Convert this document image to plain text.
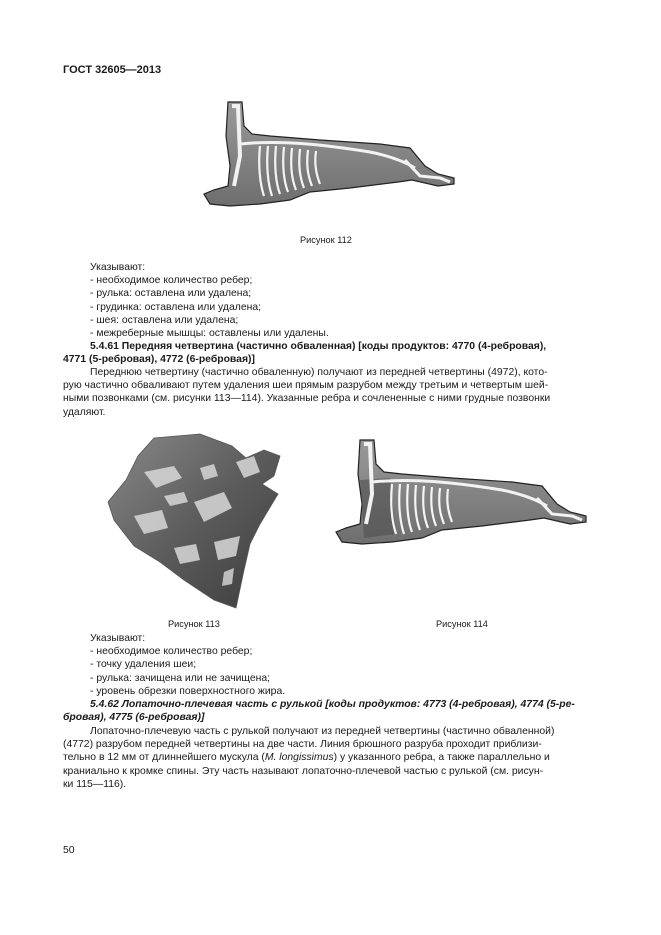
ГОСТ 32605—2013
Рисунок 112
Указывают:
- необходимое количество ребер;
- рулька: оставлена или удалена;
- грудинка: оставлена или удалена;
- шея: оставлена или удалена;
- межреберные мышцы: оставлены или удалены.
5.4.61 Передняя четвертина (частично обваленная) [коды продуктов: 4770 (4-ребровая),
4771 (5-ребровая), 4772 (6-ребровая)]
Переднюю четвертину (частично обваленную) получают из передней четвертины (4972), кото-
рую частично обваливают путем удаления шеи прямым разрубом между третьим и четвертым шей-
ными позвонками (см. рисунки 113—114). Указанные ребра и сочлененные с ними грудные позвонки
удаляют.
Рисунок 113	Рисунок 114
Указывают:
- необходимое количество ребер;
- точку удаления шеи;
- рулька: зачищена или не зачищена;
- уровень обрезки поверхностного жира.
5.4.62 Лопаточно-плечевая часть с рулькой [коды продуктов: 4773 (4-ребровая), 4774 (5-ре-
бровая), 4775 (6-ребровая)]
Лопаточно-плечевую часть с рулькой получают из передней четвертины (частично обваленной)
(4772) разрубом передней четвертины на две части. Линия брюшного разруба проходит приблизи-
тельно в 12 мм от длиннейшего мускула (M. longissimus) у указанного ребра, а также параллельно и
краниально к кромке спины. Эту часть называют лопаточно-плечевой частью с рулькой (см. рисун-
ки 115—116).
50
